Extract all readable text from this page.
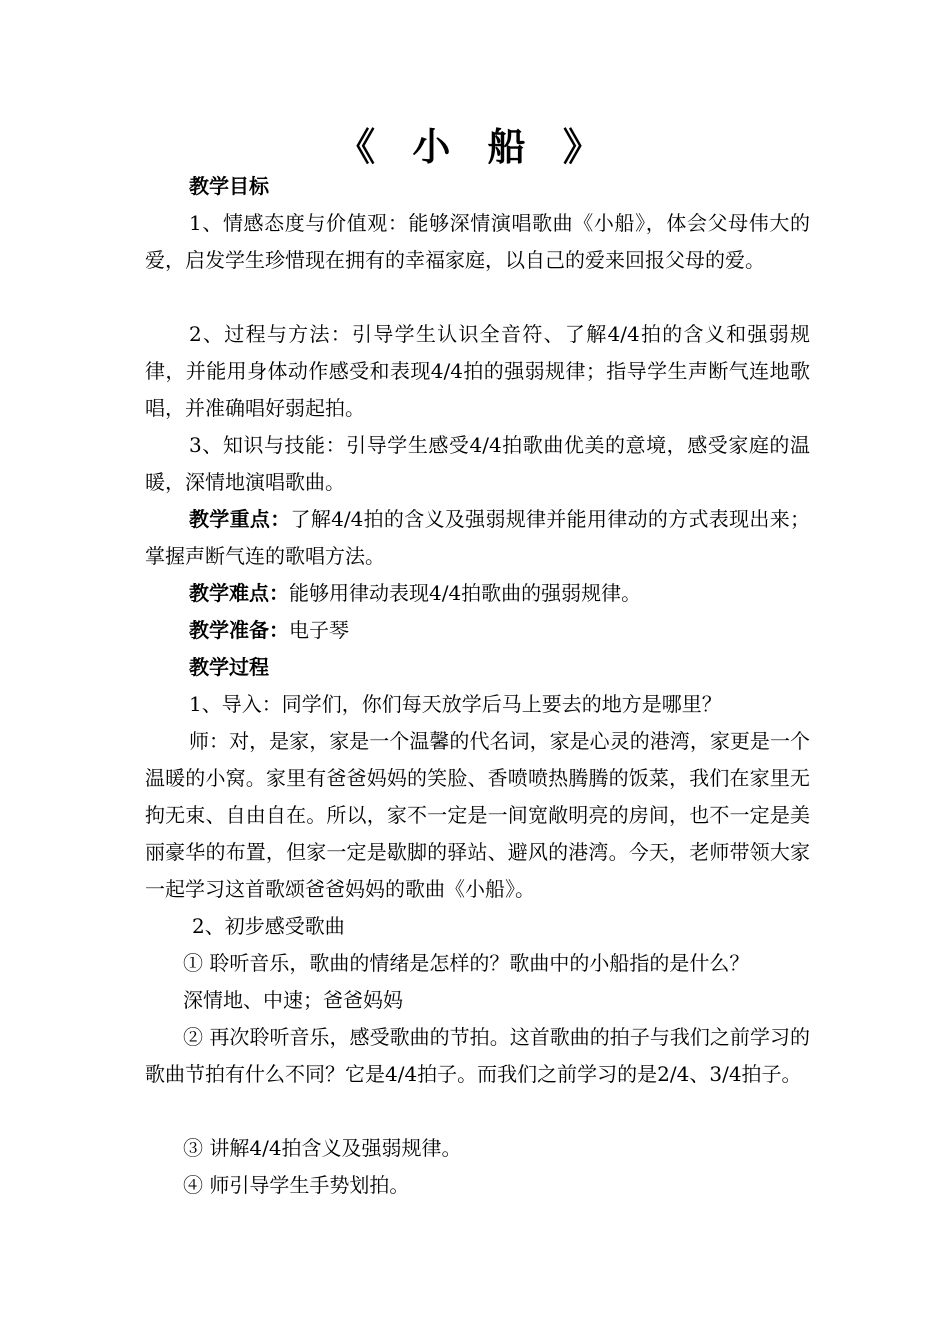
《 小 船 》
教学目标
1、情感态度与价值观：能够深情演唱歌曲《小船》，体会父母伟大的爱，启发学生珍惜现在拥有的幸福家庭，以自己的爱来回报父母的爱。
2、过程与方法：引导学生认识全音符、了解4/4拍的含义和强弱规律，并能用身体动作感受和表现4/4拍的强弱规律；指导学生声断气连地歌唱，并准确唱好弱起拍。
3、知识与技能：引导学生感受4/4拍歌曲优美的意境，感受家庭的温暖，深情地演唱歌曲。
教学重点：了解4/4拍的含义及强弱规律并能用律动的方式表现出来；掌握声断气连的歌唱方法。
教学难点：能够用律动表现4/4拍歌曲的强弱规律。
教学准备：电子琴
教学过程
1、导入：同学们，你们每天放学后马上要去的地方是哪里？
师：对，是家，家是一个温馨的代名词，家是心灵的港湾，家更是一个温暖的小窝。家里有爸爸妈妈的笑脸、香喷喷热腾腾的饭菜，我们在家里无拘无束、自由自在。所以，家不一定是一间宽敞明亮的房间，也不一定是美丽豪华的布置，但家一定是歇脚的驿站、避风的港湾。今天，老师带领大家一起学习这首歌颂爸爸妈妈的歌曲《小船》。
2、初步感受歌曲
① 聆听音乐，歌曲的情绪是怎样的？歌曲中的小船指的是什么？
深情地、中速；爸爸妈妈
② 再次聆听音乐，感受歌曲的节拍。这首歌曲的拍子与我们之前学习的歌曲节拍有什么不同？它是4/4拍子。而我们之前学习的是2/4、3/4拍子。
③ 讲解4/4拍含义及强弱规律。
④ 师引导学生手势划拍。
